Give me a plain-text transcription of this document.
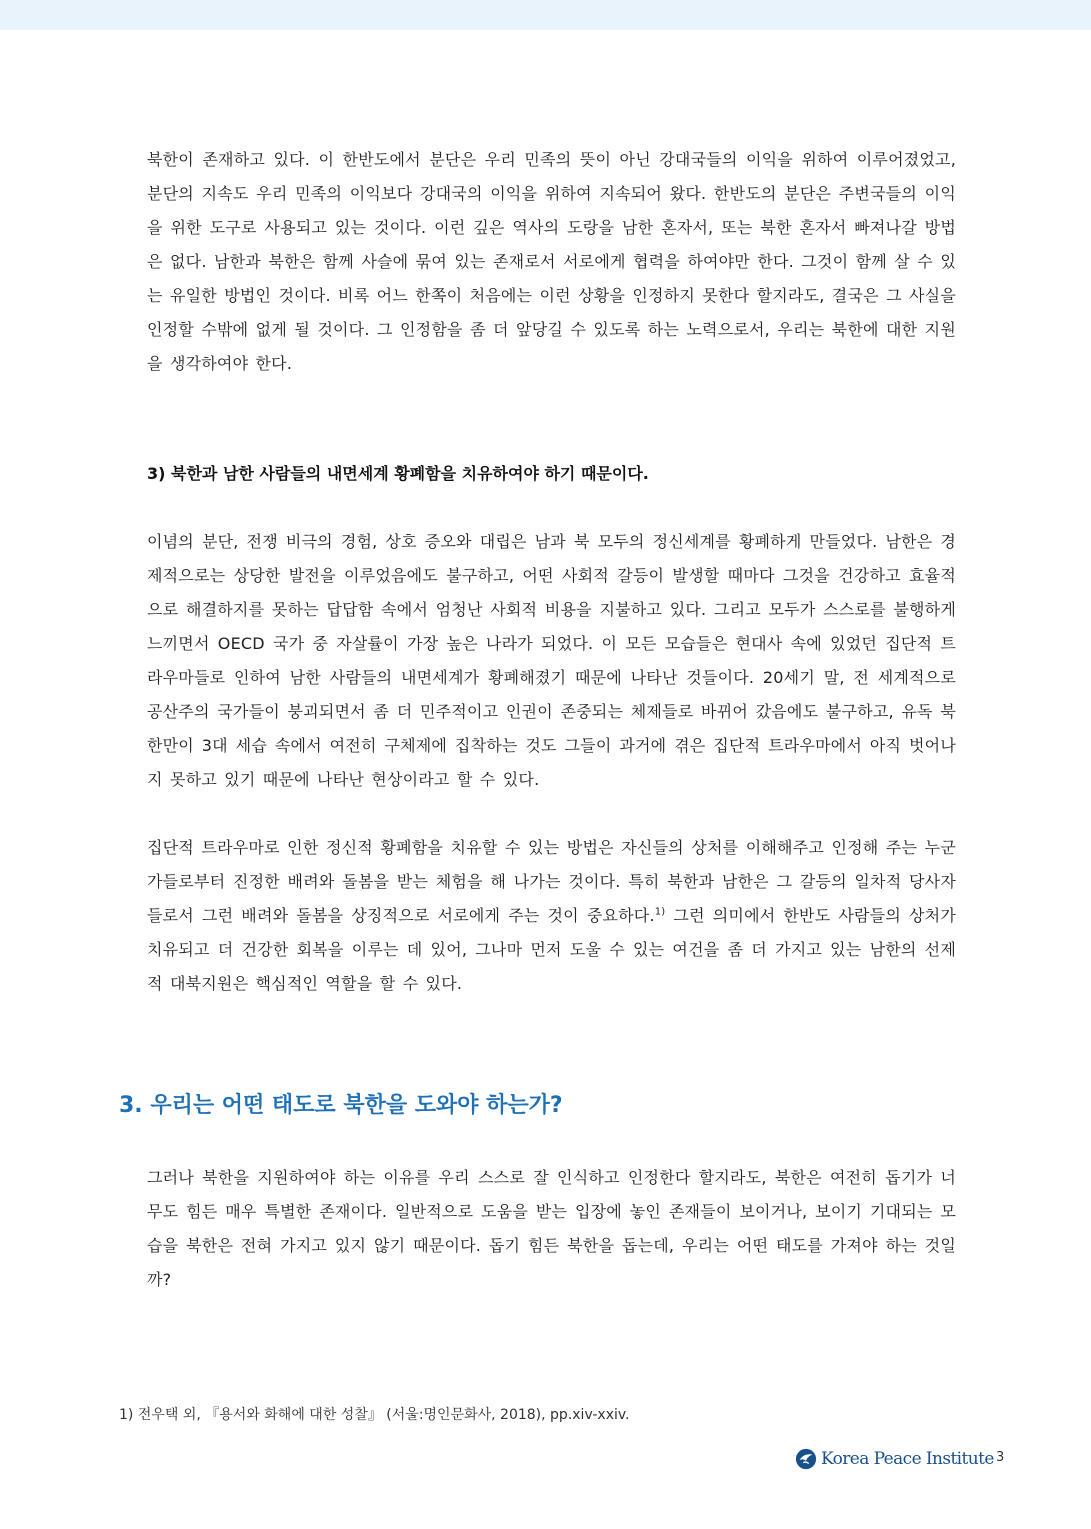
북한이 존재하고 있다. 이 한반도에서 분단은 우리 민족의 뜻이 아닌 강대국들의 이익을 위하여 이루어졌었고, 분단의 지속도 우리 민족의 이익보다 강대국의 이익을 위하여 지속되어 왔다. 한반도의 분단은 주변국들의 이익을 위한 도구로 사용되고 있는 것이다. 이런 깊은 역사의 도랑을 남한 혼자서, 또는 북한 혼자서 빠져나갈 방법은 없다. 남한과 북한은 함께 사슬에 묶여 있는 존재로서 서로에게 협력을 하여야만 한다. 그것이 함께 살 수 있는 유일한 방법인 것이다. 비록 어느 한쪽이 처음에는 이런 상황을 인정하지 못한다 할지라도, 결국은 그 사실을 인정할 수밖에 없게 될 것이다. 그 인정함을 좀 더 앞당길 수 있도록 하는 노력으로서, 우리는 북한에 대한 지원을 생각하여야 한다.

3) 북한과 남한 사람들의 내면세계 황폐함을 치유하여야 하기 때문이다.

이념의 분단, 전쟁 비극의 경험, 상호 증오와 대립은 남과 북 모두의 정신세계를 황폐하게 만들었다. 남한은 경제적으로는 상당한 발전을 이루었음에도 불구하고, 어떤 사회적 갈등이 발생할 때마다 그것을 건강하고 효율적으로 해결하지를 못하는 답답함 속에서 엄청난 사회적 비용을 지불하고 있다. 그리고 모두가 스스로를 불행하게 느끼면서 OECD 국가 중 자살률이 가장 높은 나라가 되었다. 이 모든 모습들은 현대사 속에 있었던 집단적 트라우마들로 인하여 남한 사람들의 내면세계가 황폐해졌기 때문에 나타난 것들이다. 20세기 말, 전 세계적으로 공산주의 국가들이 붕괴되면서 좀 더 민주적이고 인권이 존중되는 체제들로 바뀌어 갔음에도 불구하고, 유독 북한만이 3대 세습 속에서 여전히 구체제에 집착하는 것도 그들이 과거에 겪은 집단적 트라우마에서 아직 벗어나지 못하고 있기 때문에 나타난 현상이라고 할 수 있다.

집단적 트라우마로 인한 정신적 황폐함을 치유할 수 있는 방법은 자신들의 상처를 이해해주고 인정해 주는 누군가들로부터 진정한 배려와 돌봄을 받는 체험을 해 나가는 것이다. 특히 북한과 남한은 그 갈등의 일차적 당사자들로서 그런 배려와 돌봄을 상징적으로 서로에게 주는 것이 중요하다.$^{1)}$ 그런 의미에서 한반도 사람들의 상처가 치유되고 더 건강한 회복을 이루는 데 있어, 그나마 먼저 도울 수 있는 여건을 좀 더 가지고 있는 남한의 선제적 대북지원은 핵심적인 역할을 할 수 있다.

3. 우리는 어떤 태도로 북한을 도와야 하는가?

그러나 북한을 지원하여야 하는 이유를 우리 스스로 잘 인식하고 인정한다 할지라도, 북한은 여전히 돕기가 너무도 힘든 매우 특별한 존재이다. 일반적으로 도움을 받는 입장에 놓인 존재들이 보이거나, 보이기 기대되는 모습을 북한은 전혀 가지고 있지 않기 때문이다. 돕기 힘든 북한을 돕는데, 우리는 어떤 태도를 가져야 하는 것일까?

1) 전우택 외, 『용서와 화해에 대한 성찰』 (서울:명인문화사, 2018), pp.xiv-xxiv.

Korea Peace Institute 3
